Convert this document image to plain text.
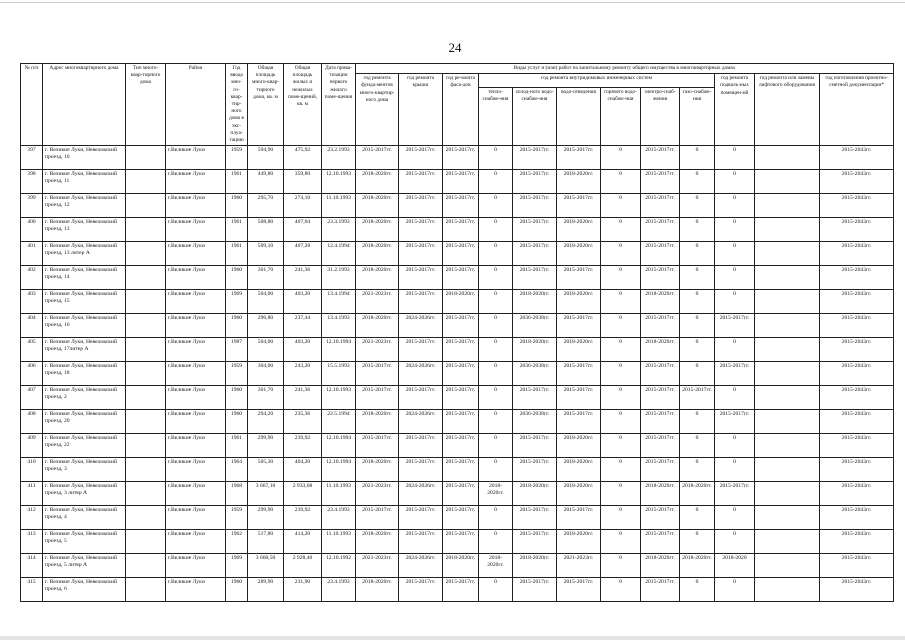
24
№ п/п	Адрес многоквартирного дома	Тип много-квар-тирного дома	Район	Год ввода мно-го-квар-тир-ного дома в экс-плуа-тацию	Общая площадь много-квар-тирного дома, кв. м	Общая площадь жилых и нежилых поме-щений, кв. м	Дата прива-тизации первого жилого поме-щения	Виды услуг и (или) работ по капитальному ремонту общего имущества в многоквартирных домах											
								год ремонта фунда-ментов много-квартир-ного дома	год ремонта крыши	год ре-монта фаса-дов	год ремонта внутридомовых инженерных систем						год ремонта подваль-ных помещен-ий	год ремонта или замены лифтового оборудования	год изготовления проектно-сметной документации*
											тепло-снабже-ния	холод-ного водо-снабже-ния	водо-отведения	горячего водо-снабже-ния	электро-снаб-жения	газо-снабже-ния			
397	г. Великие Луки, Невеловский проезд, 10		г.Великие Луки	1959	594,90	475,92	23.2.1993	2015-2017гг.	2015-2017гг.	2015-2017гг.	0	2015-2017гг.	2015-2017гг.	0	2015-2017гг.	0	0		2015-2043гг.
398	г. Великие Луки, Невеловский проезд, 11		г.Великие Луки	1961	449,80	359,80	12.10.1993	2018-2020гг.	2015-2017гг.	2015-2017гг.	0	2015-2017гг.	2018-2020гг.	0	2015-2017гг.	0	0		2015-2043гг.
399	г. Великие Луки, Невеловский проезд, 12		г.Великие Луки	1960	295,70	274,10	11.10.1993	2018-2020гг.	2015-2017гг.	2015-2017гг.	0	2015-2017гг.	2015-2017гг.	0	2015-2017гг.	0	0		2015-2043гг.
400	г. Великие Луки, Невеловский проезд, 13		г.Великие Луки	1961	508,80	407,04	23.3.1993	2018-2020гг.	2015-2017гг.	2015-2017гг.	0	2015-2017гг.	2018-2020гг.	0	2015-2017гг.	0	0		2015-2043гг.
401	г. Великие Луки, Невеловский проезд, 13 литер А		г.Великие Луки	1961	509,10	407,28	12.4.1994	2018-2020гг.	2015-2017гг.	2015-2017гг.	0	2015-2017гг.	2018-2020гг.	0	2015-2017гг.	0	0		2015-2043гг.
402	г. Великие Луки, Невеловский проезд, 14		г.Великие Луки	1960	301,70	241,36	31.2.1993	2018-2020гг.	2015-2017гг.	2015-2017гг.	0	2015-2017гг.	2015-2017гг.	0	2015-2017гг.	0	0		2015-2043гг.
403	г. Великие Луки, Невеловский проезд, 15		г.Великие Луки	1969	504,00	403,20	13.4.1994	2021-2023гг.	2015-2017гг.	2018-2020гг.	0	2018-2020гг.	2018-2020гг.	0	2018-2020гг.	0	0		2015-2043гг.
404	г. Великие Луки, Невеловский проезд, 16		г.Великие Луки	1960	296,80	237,44	13.4.1993	2018-2020гг.	2024-2026гг.	2015-2017гг.	0	2036-2038гг.	2015-2017гг.	0	2015-2017гг.	0	2015-2017гг.		2015-2043гг.
405	г. Великие Луки, Невеловский проезд, 17литер А		г.Великие Луки	1987	504,00	403,20	12.10.1994	2021-2023гг.	2015-2017гг.	2015-2017гг.	0	2018-2020гг.	2018-2020гг.	0	2018-2020гг.	0	0		2015-2043гг.
406	г. Великие Луки, Невеловский проезд, 18		г.Великие Луки	1959	304,00	243,20	15.5.1993	2015-2017гг.	2024-2026гг.	2015-2017гг.	0	2036-2038гг.	2015-2017гг.	0	2015-2017гг.	0	2015-2017гг.		2015-2043гг.
407	г. Великие Луки, Невеловский проезд, 2		г.Великие Луки	1960	301,70	241,36	12.10.1993	2015-2017гг.	2015-2017гг.	2015-2017гг.	0	2015-2017гг.	2015-2017гг.	0	2015-2017гг.	2015-2017гг.	0		2015-2043гг.
408	г. Великие Луки, Невеловский проезд, 20		г.Великие Луки	1960	294,20	235,36	22.5.1994	2018-2020гг.	2024-2026гг.	2015-2017гг.	0	2036-2038гг.	2015-2017гг.	0	2015-2017гг.	0	2015-2017гг.		2015-2043гг.
409	г. Великие Луки, Невеловский проезд, 22		г.Великие Луки	1961	299,90	239,92	12.10.1994	2015-2017гг.	2015-2017гг.	2015-2017гг.	0	2015-2017гг.	2018-2020гг.	0	2015-2017гг.	0	0		2015-2043гг.
410	г. Великие Луки, Невеловский проезд, 3		г.Великие Луки	1964	505,30	404,20	12.10.1994	2018-2020гг.	2015-2017гг.	2015-2017гг.	0	2015-2017гг.	2018-2020гг.	0	2015-2017гг.	0	0		2015-2043гг.
411	г. Великие Луки, Невеловский проезд, 3 литер А		г.Великие Луки	1968	3 667,10	2 933,68	11.10.1993	2021-2023гг.	2024-2026гг.	2015-2017гг.	2018-2020гг.	2018-2020гг.	2018-2020гг.	0	2018-2020гг.	2018-2020гг.	2015-2017гг.		2015-2043гг.
412	г. Великие Луки, Невеловский проезд, 4		г.Великие Луки	1959	299,90	239,92	23.4.1993	2015-2017гг.	2015-2017гг.	2015-2017гг.	0	2015-2017гг.	2015-2017гг.	0	2015-2017гг.	0	0		2015-2043гг.
413	г. Великие Луки, Невеловский проезд, 5		г.Великие Луки	1962	517,80	414,20	11.10.1993	2018-2020гг.	2015-2017гг.	2015-2017гг.	0	2015-2017гг.	2018-2020гг.	0	2015-2017гг.	0	0		2015-2043гг.
414	г. Великие Луки, Невеловский проезд, 5 литер А		г.Великие Луки	1969	3 660,50	2 928,40	12.10.1992	2021-2023гг.	2024-2026гг.	2018-2020гг.	2018-2020гг.	2018-2020гг.	2021-2023гг.	0	2018-2020гг.	2018-2020гг.	2018-2020		2015-2043гг.
415	г. Великие Луки, Невеловский проезд, 6		г.Великие Луки	1960	289,90	231,90	23.4.1993	2018-2020гг.	2015-2017гг.	2015-2017гг.	0	2015-2017гг.	2015-2017гг.	0	2015-2017гг.	0	0		2015-2043гг.
